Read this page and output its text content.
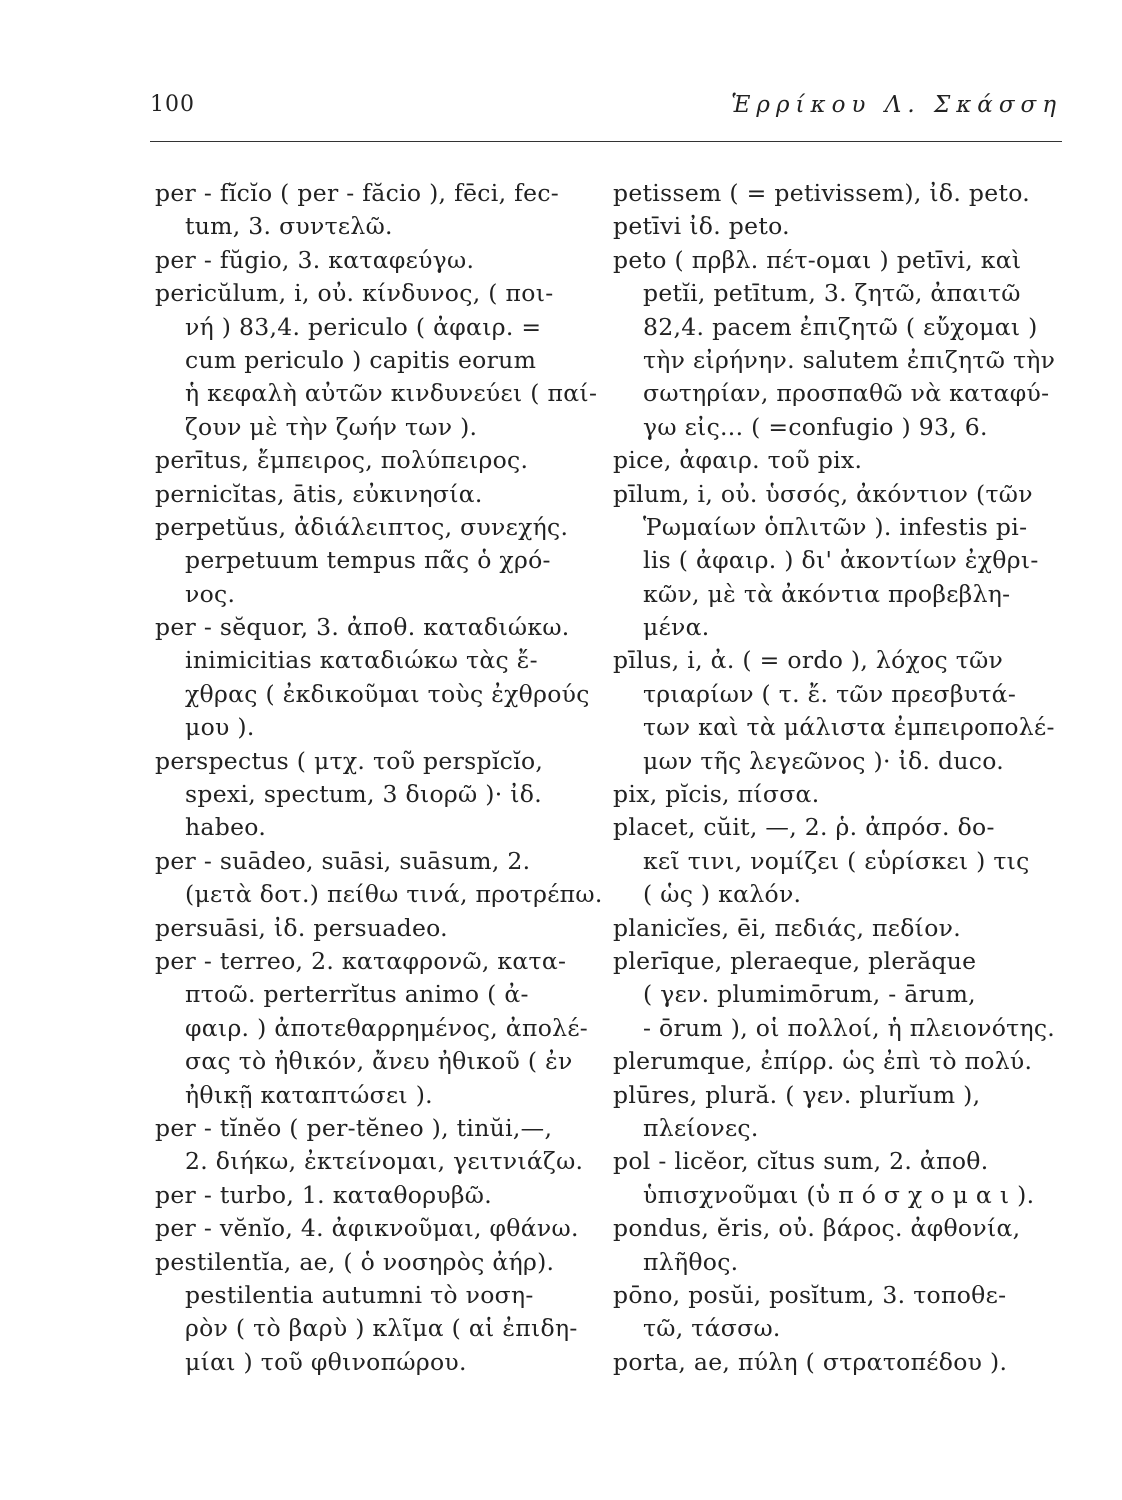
100	Ἑρρίκου Λ. Σκάσση
per - fĭcĭo ( per - făcio ), fēci, fec-
tum, 3. συντελῶ.
per - fŭgio, 3. καταφεύγω.
pericŭlum, i, οὐ. κίνδυνος, ( ποι-
νή ) 83,4. periculo ( ἀφαιρ. =
cum periculo ) capitis eorum
ἡ κεφαλὴ αὐτῶν κινδυνεύει ( παί-
ζουν μὲ τὴν ζωήν των ).
perītus, ἔμπειρος, πολύπειρος.
pernicĭtas, ātis, εὐκινησία.
perpetŭus, ἀδιάλειπτος, συνεχής.
perpetuum tempus πᾶς ὁ χρό-
νος.
per - sĕquor, 3. ἀποθ. καταδιώκω.
inimicitias καταδιώκω τὰς ἔ-
χθρας ( ἐκδικοῦμαι τοὺς ἐχθρούς
μου ).
perspectus ( μτχ. τοῦ perspĭcĭo,
spexi, spectum, 3 διορῶ )· ἰδ.
habeo.
per - suādeo, suāsi, suāsum, 2.
(μετὰ δοτ.) πείθω τινά, προτρέπω.
persuāsi, ἰδ. persuadeo.
per - terreo, 2. καταφρονῶ, κατα-
πτοῶ. perterrĭtus animo ( ἀ-
φαιρ. ) ἀποτεθαρρημένος, ἀπολέ-
σας τὸ ἠθικόν, ἄνευ ἠθικοῦ ( ἐν
ἠθικῇ καταπτώσει ).
per - tĭnĕo ( per-tĕneo ), tinŭi,—,
2. διήκω, ἐκτείνομαι, γειτνιάζω.
per - turbo, 1. καταθορυβῶ.
per - vĕnĭo, 4. ἀφικνοῦμαι, φθάνω.
pestilentĭa, ae, ( ὁ νοσηρὸς ἀήρ).
pestilentia autumni τὸ νοση-
ρὸν ( τὸ βαρὺ ) κλῖμα ( αἱ ἐπιδη-
μίαι ) τοῦ φθινοπώρου.
petissem ( = petivissem), ἰδ. peto.
petīvi ἰδ. peto.
peto ( πρβλ. πέτ-ομαι ) petīvi, καὶ
petĭi, petītum, 3. ζητῶ, ἀπαιτῶ
82,4. pacem ἐπιζητῶ ( εὔχομαι )
τὴν εἰρήνην. salutem ἐπιζητῶ τὴν
σωτηρίαν, προσπαθῶ νὰ καταφύ-
γω εἰς... ( =confugio ) 93, 6.
pice, ἀφαιρ. τοῦ pix.
pīlum, i, οὐ. ὑσσός, ἀκόντιον (τῶν
Ῥωμαίων ὁπλιτῶν ). infestis pi-
lis ( ἀφαιρ. ) δι' ἀκοντίων ἐχθρι-
κῶν, μὲ τὰ ἀκόντια προβεβλη-
μένα.
pīlus, i, ἀ. ( = ordo ), λόχος τῶν
τριαρίων ( τ. ἔ. τῶν πρεσβυτά-
των καὶ τὰ μάλιστα ἐμπειροπολέ-
μων τῆς λεγεῶνος )· ἰδ. duco.
pix, pĭcis, πίσσα.
placet, cŭit, —, 2. ῥ. ἀπρόσ. δο-
κεῖ τινι, νομίζει ( εὑρίσκει ) τις
( ὡς ) καλόν.
planicĭes, ēi, πεδιάς, πεδίον.
plerīque, pleraeque, plerăque
( γεν. plumimōrum, - ārum,
- ōrum ), οἱ πολλοί, ἡ πλειονότης.
plerumque, ἐπίρρ. ὡς ἐπὶ τὸ πολύ.
plūres, plură. ( γεν. plurĭum ),
πλείονες.
pol - licĕor, cĭtus sum, 2. ἀποθ.
ὑπισχνοῦμαι (ὑ π ό σ χ ο μ α ι ).
pondus, ĕris, οὐ. βάρος. ἀφθονία,
πλῆθος.
pōno, posŭi, posĭtum, 3. τοποθε-
τῶ, τάσσω.
porta, ae, πύλη ( στρατοπέδου ).
